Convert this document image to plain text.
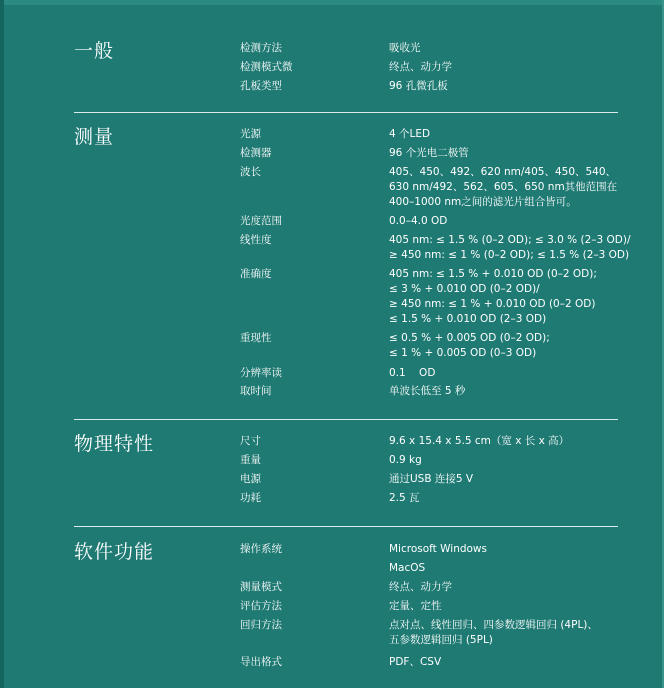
一般	检测方法	吸收光
检测模式微	终点、动力学
孔板类型	96 孔微孔板
测量	光源	4 个LED
检测器	96 个光电二极管
波长	405、450、492、620 nm/405、450、540、
630 nm/492、562、605、650 nm其他范围在
400–1000 nm之间的滤光片组合皆可。
光度范围	0.0–4.0 OD
线性度	405 nm: ≤ 1.5 % (0–2 OD); ≤ 3.0 % (2–3 OD)/
≥ 450 nm: ≤ 1 % (0–2 OD); ≤ 1.5 % (2–3 OD)
准确度	405 nm: ≤ 1.5 % + 0.010 OD (0–2 OD);
≤ 3 % + 0.010 OD (0–2 OD)/
≥ 450 nm: ≤ 1 % + 0.010 OD (0–2 OD)
≤ 1.5 % + 0.010 OD (2–3 OD)
重现性	≤ 0.5 % + 0.005 OD (0–2 OD);
≤ 1 % + 0.005 OD (0–3 OD)
分辨率读	0.1    OD
取时间	单波长低至 5 秒
物理特性	尺寸	9.6 x 15.4 x 5.5 cm（宽 x 长 x 高）
重量	0.9 kg
电源	通过USB 连接5 V
功耗	2.5 瓦
软件功能	操作系统	Microsoft Windows
MacOS
测量模式	终点、动力学
评估方法	定量、定性
回归方法	点对点、线性回归、四参数逻辑回归 (4PL)、
五参数逻辑回归 (5PL)
导出格式	PDF、CSV
